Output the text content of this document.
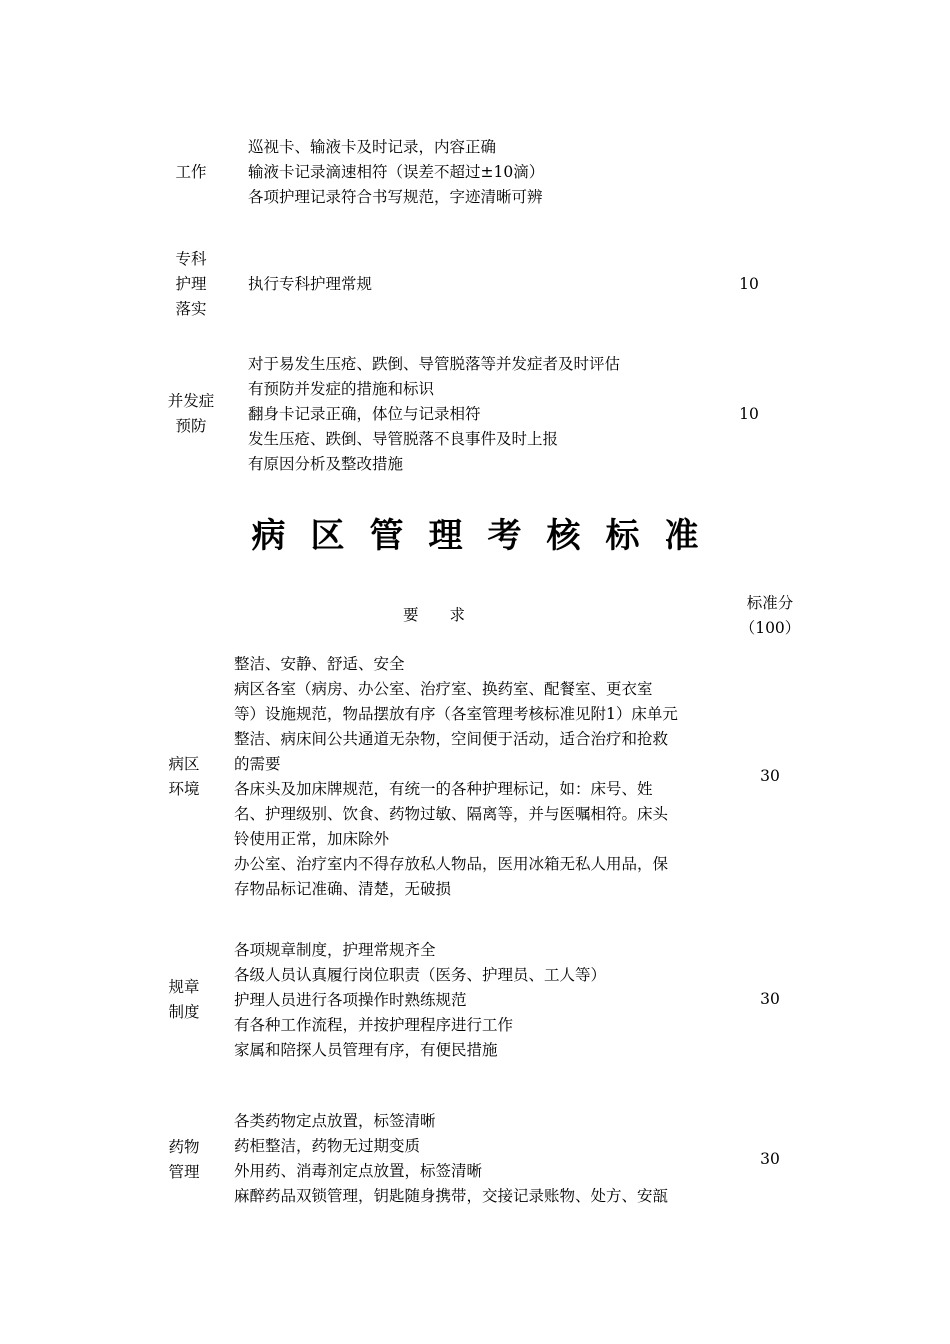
工作
巡视卡、输液卡及时记录，内容正确
输液卡记录滴速相符（误差不超过±10滴）
各项护理记录符合书写规范，字迹清晰可辨
专科
护理
落实
执行专科护理常规	10
并发症
预防
对于易发生压疮、跌倒、导管脱落等并发症者及时评估
有预防并发症的措施和标识
翻身卡记录正确，体位与记录相符
发生压疮、跌倒、导管脱落不良事件及时上报
有原因分析及整改措施
10
病区管理考核标准
要　　求
标准分
（100）
病区
环境
整洁、安静、舒适、安全
病区各室（病房、办公室、治疗室、换药室、配餐室、更衣室
等）设施规范，物品摆放有序（各室管理考核标准见附1）床单元
整洁、病床间公共通道无杂物，空间便于活动，适合治疗和抢救
的需要
各床头及加床牌规范，有统一的各种护理标记，如：床号、姓
名、护理级别、饮食、药物过敏、隔离等，并与医嘱相符。床头
铃使用正常，加床除外
办公室、治疗室内不得存放私人物品，医用冰箱无私人用品，保
存物品标记准确、清楚，无破损
30
规章
制度
各项规章制度，护理常规齐全
各级人员认真履行岗位职责（医务、护理员、工人等）
护理人员进行各项操作时熟练规范
有各种工作流程，并按护理程序进行工作
家属和陪探人员管理有序，有便民措施
30
药物
管理
各类药物定点放置，标签清晰
药柜整洁，药物无过期变质
外用药、消毒剂定点放置，标签清晰
麻醉药品双锁管理，钥匙随身携带，交接记录账物、处方、安瓿
30
